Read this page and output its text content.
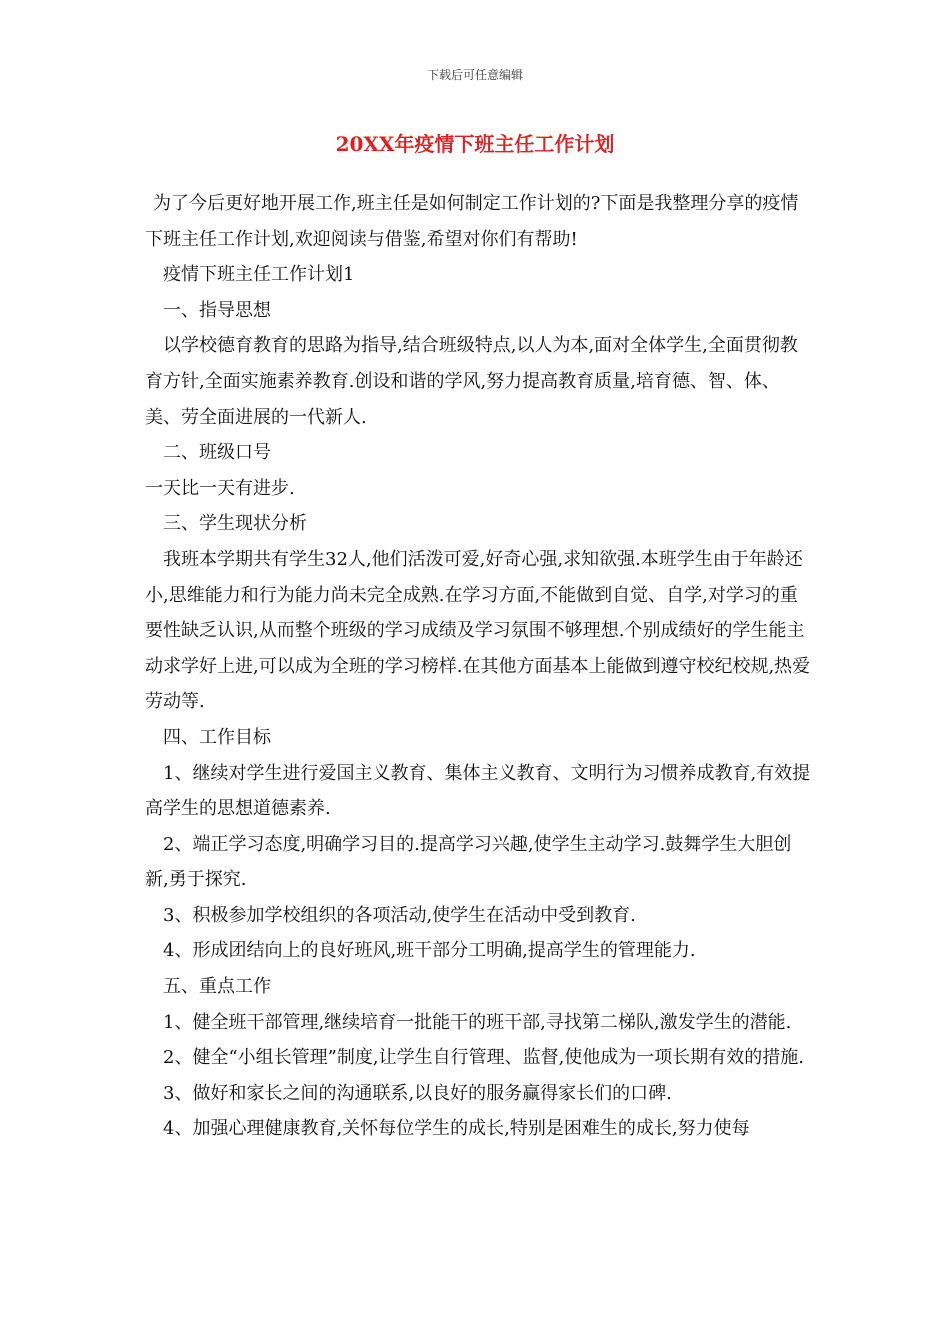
下载后可任意编辑
20XX年疫情下班主任工作计划

为了今后更好地开展工作,班主任是如何制定工作计划的?下面是我整理分享的疫情下班主任工作计划,欢迎阅读与借鉴,希望对你们有帮助!

疫情下班主任工作计划1

一、指导思想

以学校德育教育的思路为指导,结合班级特点,以人为本,面对全体学生,全面贯彻教育方针,全面实施素养教育.创设和谐的学风,努力提高教育质量,培育德、智、体、美、劳全面进展的一代新人.

二、班级口号

一天比一天有进步.

三、学生现状分析

我班本学期共有学生32人,他们活泼可爱,好奇心强,求知欲强.本班学生由于年龄还小,思维能力和行为能力尚未完全成熟.在学习方面,不能做到自觉、自学,对学习的重要性缺乏认识,从而整个班级的学习成绩及学习氛围不够理想.个别成绩好的学生能主动求学好上进,可以成为全班的学习榜样.在其他方面基本上能做到遵守校纪校规,热爱劳动等.

四、工作目标

1、继续对学生进行爱国主义教育、集体主义教育、文明行为习惯养成教育,有效提高学生的思想道德素养.

2、端正学习态度,明确学习目的.提高学习兴趣,使学生主动学习.鼓舞学生大胆创新,勇于探究.

3、积极参加学校组织的各项活动,使学生在活动中受到教育.

4、形成团结向上的良好班风,班干部分工明确,提高学生的管理能力.

五、重点工作

1、健全班干部管理,继续培育一批能干的班干部,寻找第二梯队,激发学生的潜能.

2、健全“小组长管理”制度,让学生自行管理、监督,使他成为一项长期有效的措施.

3、做好和家长之间的沟通联系,以良好的服务赢得家长们的口碑.

4、加强心理健康教育,关怀每位学生的成长,特别是困难生的成长,努力使每
